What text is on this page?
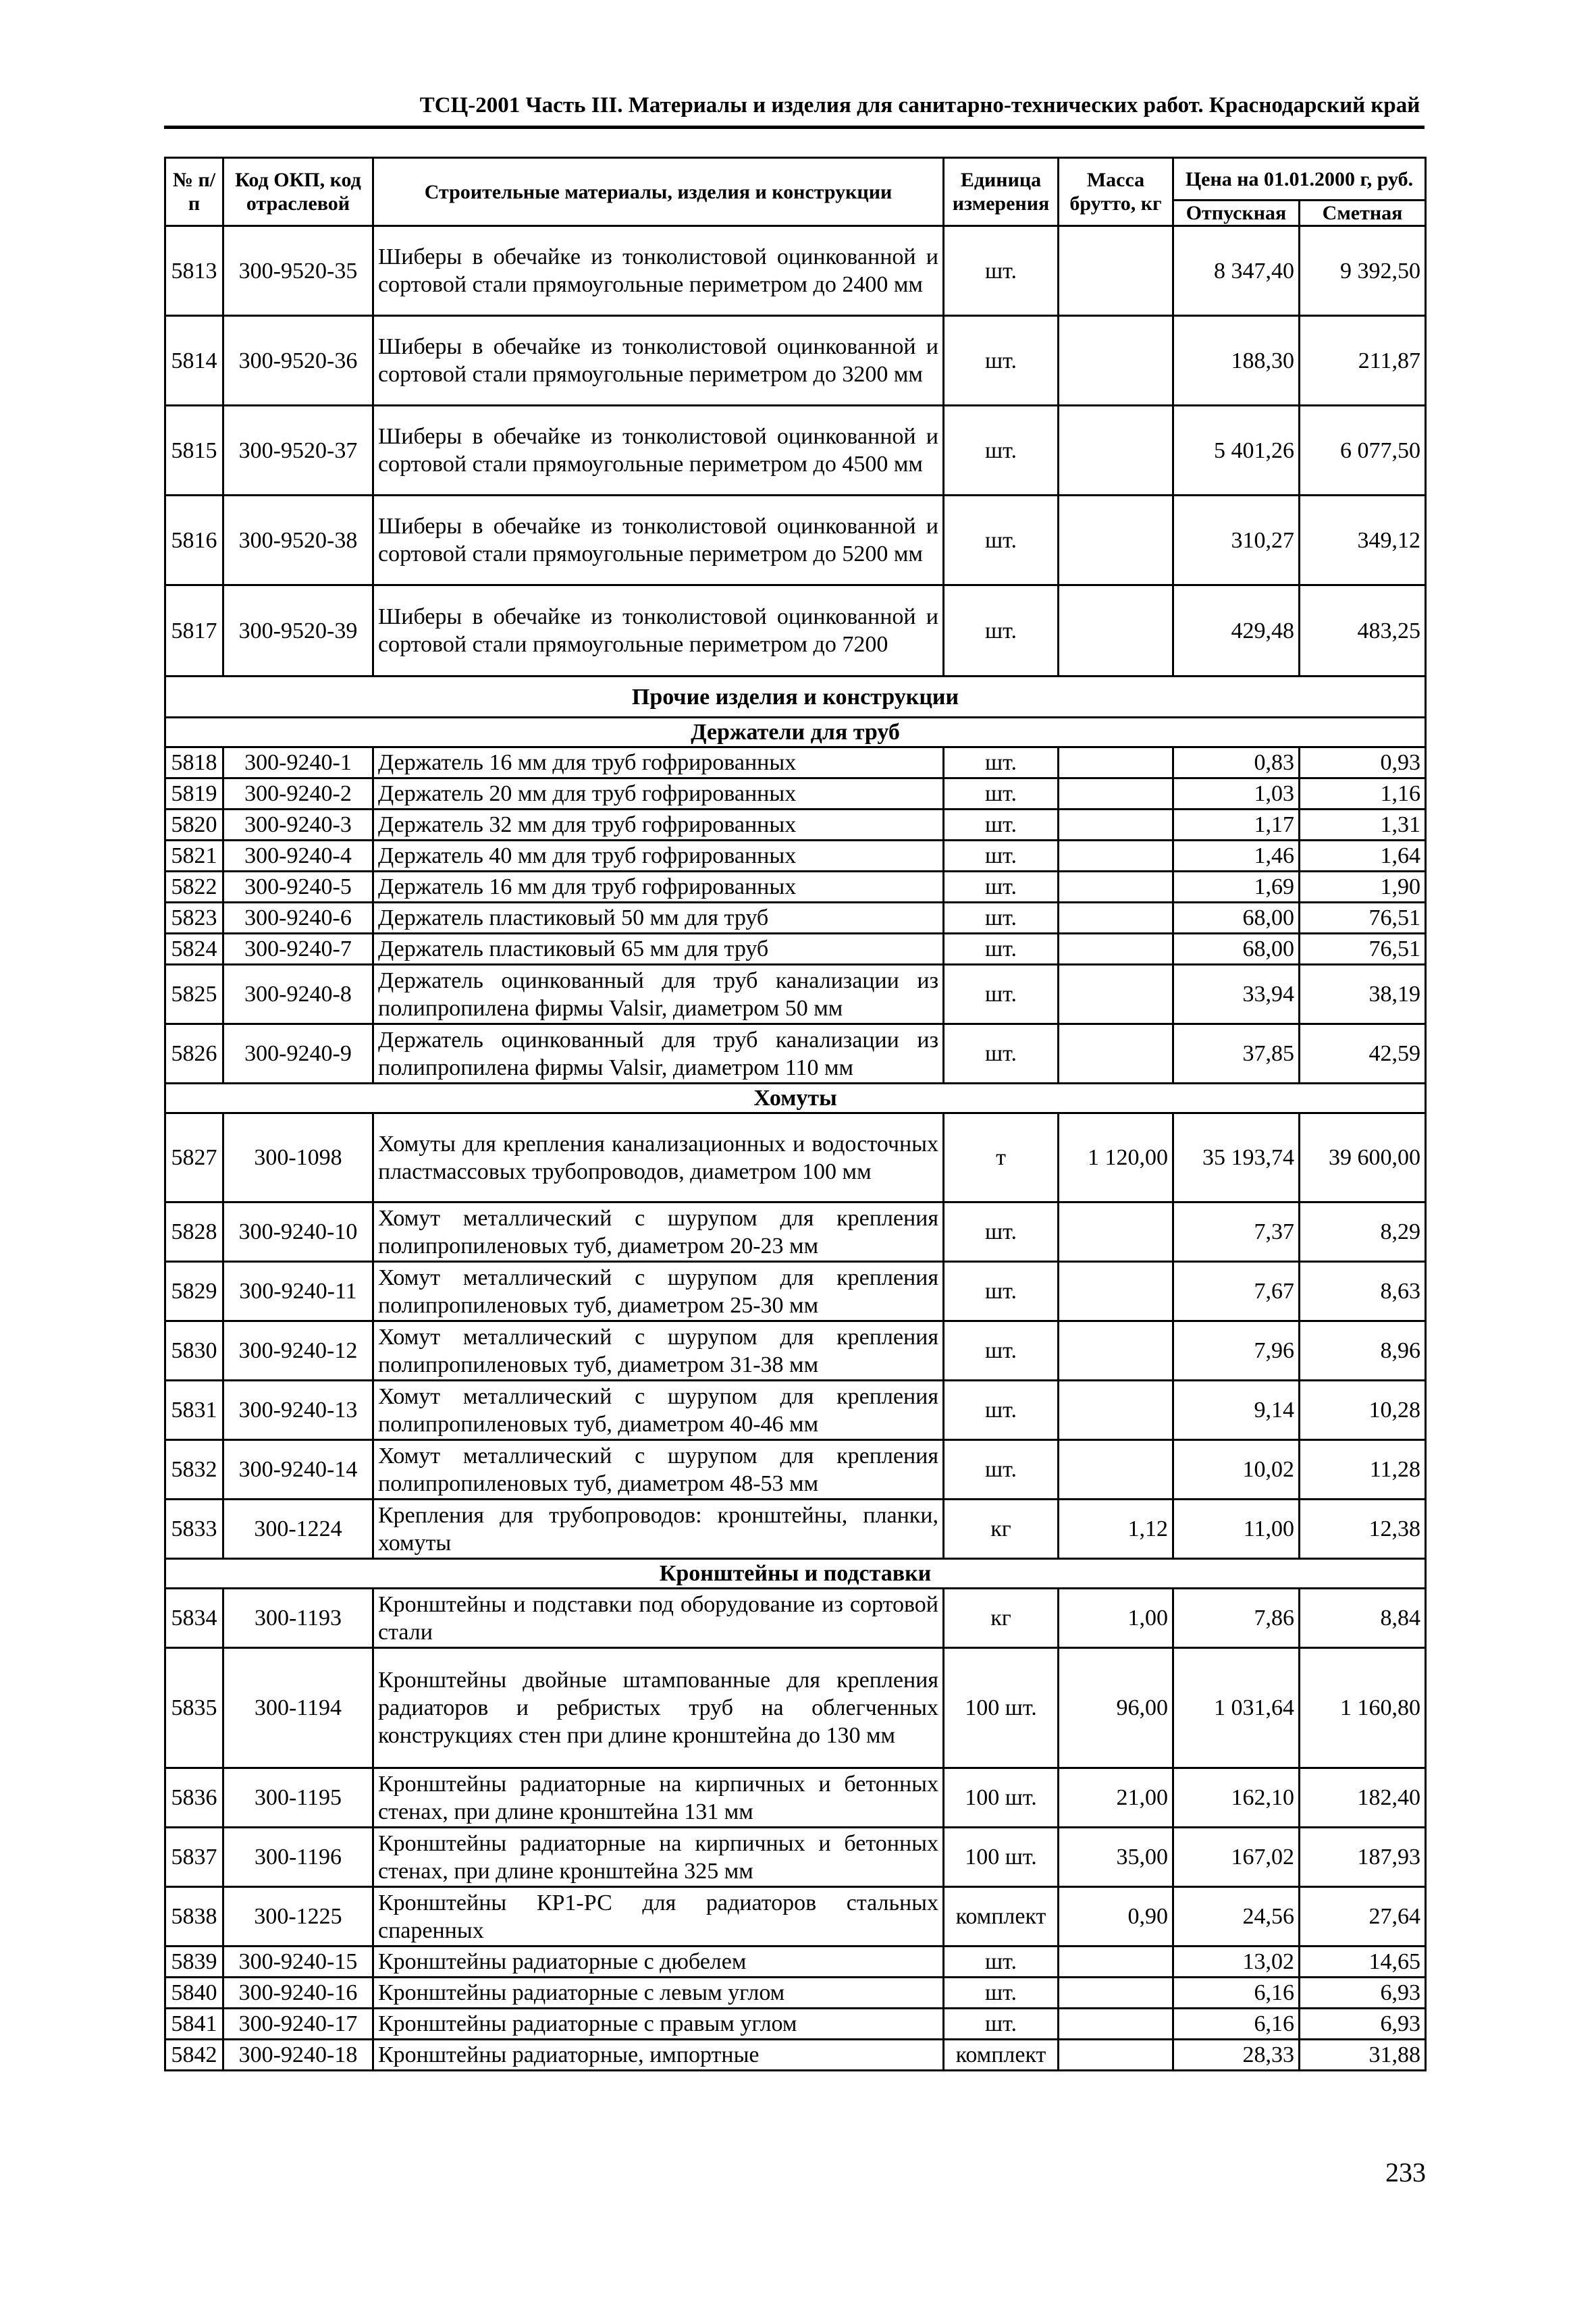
ТСЦ-2001 Часть III. Материалы и изделия для санитарно-технических работ. Краснодарский край
№ п/п	Код ОКП, код отраслевой	Строительные материалы, изделия и конструкции	Единица измерения	Масса брутто, кг	Цена на 01.01.2000 г, руб.	
					Отпускная	Сметная
5813	300-9520-35	Шиберы в обечайке из тонколистовой оцинкованной и сортовой стали прямоугольные периметром до 2400 мм	шт.		8 347,40	9 392,50
5814	300-9520-36	Шиберы в обечайке из тонколистовой оцинкованной и сортовой стали прямоугольные периметром до 3200 мм	шт.		188,30	211,87
5815	300-9520-37	Шиберы в обечайке из тонколистовой оцинкованной и сортовой стали прямоугольные периметром до 4500 мм	шт.		5 401,26	6 077,50
5816	300-9520-38	Шиберы в обечайке из тонколистовой оцинкованной и сортовой стали прямоугольные периметром до 5200 мм	шт.		310,27	349,12
5817	300-9520-39	Шиберы в обечайке из тонколистовой оцинкованной и сортовой стали прямоугольные периметром до 7200	шт.		429,48	483,25
Прочие изделия и конструкции						
Держатели для труб						
5818	300-9240-1	Держатель 16 мм для труб гофрированных	шт.		0,83	0,93
5819	300-9240-2	Держатель 20 мм для труб гофрированных	шт.		1,03	1,16
5820	300-9240-3	Держатель 32 мм для труб гофрированных	шт.		1,17	1,31
5821	300-9240-4	Держатель 40 мм для труб гофрированных	шт.		1,46	1,64
5822	300-9240-5	Держатель 16 мм для труб гофрированных	шт.		1,69	1,90
5823	300-9240-6	Держатель пластиковый 50 мм для труб	шт.		68,00	76,51
5824	300-9240-7	Держатель пластиковый 65 мм для труб	шт.		68,00	76,51
5825	300-9240-8	Держатель оцинкованный для труб канализации из полипропилена фирмы Valsir, диаметром 50 мм	шт.		33,94	38,19
5826	300-9240-9	Держатель оцинкованный для труб канализации из полипропилена фирмы Valsir, диаметром 110 мм	шт.		37,85	42,59
Хомуты						
5827	300-1098	Хомуты для крепления канализационных и водосточных пластмассовых трубопроводов, диаметром 100 мм	т	1 120,00	35 193,74	39 600,00
5828	300-9240-10	Хомут металлический с шурупом для крепления полипропиленовых туб, диаметром 20-23 мм	шт.		7,37	8,29
5829	300-9240-11	Хомут металлический с шурупом для крепления полипропиленовых туб, диаметром 25-30 мм	шт.		7,67	8,63
5830	300-9240-12	Хомут металлический с шурупом для крепления полипропиленовых туб, диаметром 31-38 мм	шт.		7,96	8,96
5831	300-9240-13	Хомут металлический с шурупом для крепления полипропиленовых туб, диаметром 40-46 мм	шт.		9,14	10,28
5832	300-9240-14	Хомут металлический с шурупом для крепления полипропиленовых туб, диаметром 48-53 мм	шт.		10,02	11,28
5833	300-1224	Крепления для трубопроводов: кронштейны, планки, хомуты	кг	1,12	11,00	12,38
Кронштейны и подставки						
5834	300-1193	Кронштейны и подставки под оборудование из сортовой стали	кг	1,00	7,86	8,84
5835	300-1194	Кронштейны двойные штампованные для крепления радиаторов и ребристых труб на облегченных конструкциях стен при длине кронштейна до 130 мм	100 шт.	96,00	1 031,64	1 160,80
5836	300-1195	Кронштейны радиаторные на кирпичных и бетонных стенах, при длине кронштейна 131 мм	100 шт.	21,00	162,10	182,40
5837	300-1196	Кронштейны радиаторные на кирпичных и бетонных стенах, при длине кронштейна 325 мм	100 шт.	35,00	167,02	187,93
5838	300-1225	Кронштейны КР1-РС для радиаторов стальных спаренных	комплект	0,90	24,56	27,64
5839	300-9240-15	Кронштейны радиаторные с дюбелем	шт.		13,02	14,65
5840	300-9240-16	Кронштейны радиаторные с левым углом	шт.		6,16	6,93
5841	300-9240-17	Кронштейны радиаторные с правым углом	шт.		6,16	6,93
5842	300-9240-18	Кронштейны радиаторные, импортные	комплект		28,33	31,88
233
